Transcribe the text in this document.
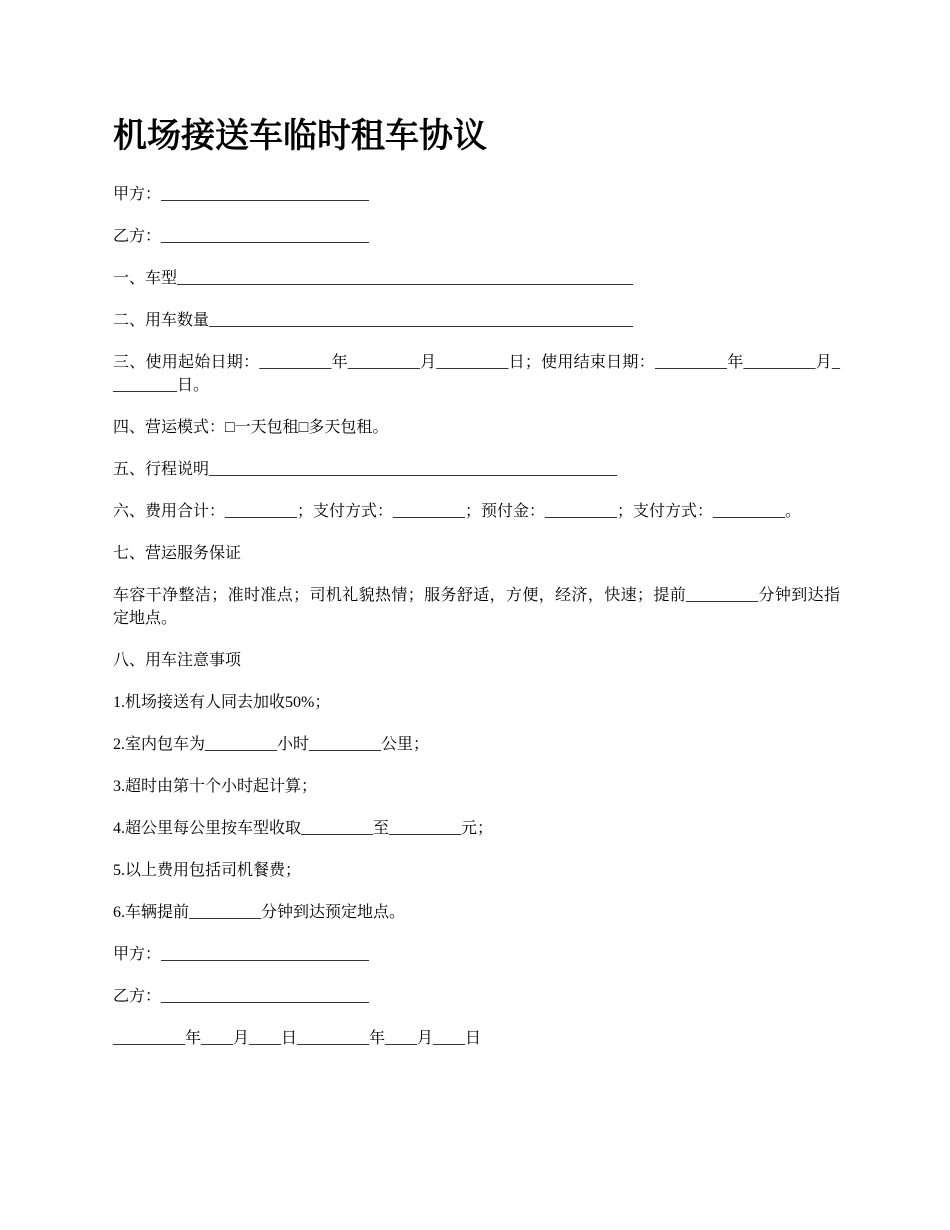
机场接送车临时租车协议

甲方：__________________________

乙方：__________________________

一、车型_________________________________________________________

二、用车数量_____________________________________________________

三、使用起始日期：_________年_________月_________日；使用结束日期：_________年_________月_________日。

四、营运模式：□一天包租□多天包租。

五、行程说明___________________________________________________

六、费用合计：_________；支付方式：_________；预付金：_________；支付方式：_________。

七、营运服务保证

车容干净整洁；准时准点；司机礼貌热情；服务舒适，方便，经济，快速；提前_________分钟到达指定地点。

八、用车注意事项

1.机场接送有人同去加收50%；

2.室内包车为_________小时_________公里；

3.超时由第十个小时起计算；

4.超公里每公里按车型收取_________至_________元；

5.以上费用包括司机餐费；

6.车辆提前_________分钟到达预定地点。

甲方：__________________________

乙方：__________________________

_________年____月____日_________年____月____日
